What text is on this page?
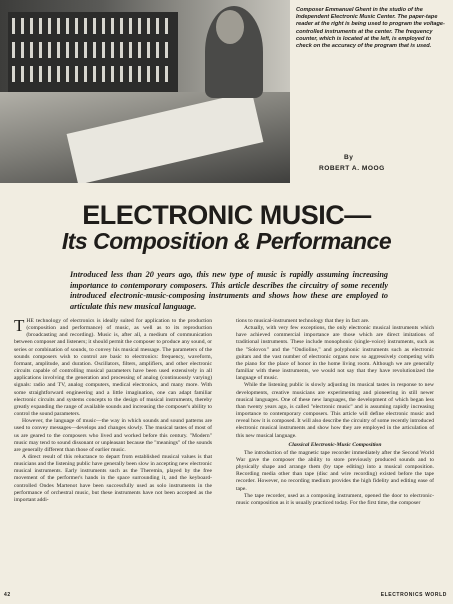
Composer Emmanuel Ghent in the studio of the Independent Electronic Music Center. The paper-tape reader at the right is being used to program the voltage-controlled instruments at the center. The frequency counter, which is located at the left, is employed to check on the accuracy of the program that is used.
By
ROBERT A. MOOG
ELECTRONIC MUSIC—
Its Composition & Performance
Introduced less than 20 years ago, this new type of music is rapidly assuming increasing importance to contemporary composers. This article describes the circuitry of some recently introduced electronic-music-composing instruments and shows how these are employed to articulate this new musical language.

THE technology of electronics is ideally suited for application to the production (composition and performance) of music, as well as to its reproduction (broadcasting and recording). Music is, after all, a medium of communication between composer and listeners; it should permit the composer to produce any sound, or series or combination of sounds, to convey his musical message. The parameters of the sounds composers wish to control are basic to electronics: frequency, waveform, formant, amplitude, and duration. Oscillators, filters, amplifiers, and other electronic circuits capable of controlling musical parameters have been used extensively in all applications involving the generation and processing of analog (continuously varying) signals: radio and TV, analog computers, medical electronics, and many more. With some straightforward engineering and a little imagination, one can adapt familiar electronic circuits and systems concepts to the design of musical instruments, thereby greatly expanding the range of available sounds and increasing the composer's ability to control the sound parameters.

However, the language of music—the way in which sounds and sound patterns are used to convey messages—develops and changes slowly. The musical tastes of most of us are geared to the composers who lived and worked before this century. "Modern" music may tend to sound dissonant or unpleasant because the "meanings" of the sounds are generally different than those of earlier music.

A direct result of this reluctance to depart from established musical values is that musicians and the listening public have generally been slow in accepting new electronic musical instruments. Early instruments such as the Theremin, played by the free movement of the performer's hands in the space surrounding it, and the keyboard-controlled Ondes Martenot have been successfully used as solo instruments in the performance of orchestral music, but these instruments have not been accepted as the important addi-

tions to musical-instrument technology that they in fact are.

Actually, with very few exceptions, the only electronic musical instruments which have achieved commercial importance are those which are direct imitations of traditional instruments. These include monophonic (single-voice) instruments, such as the "Solovox" and the "Ondioline," and polyphonic instruments such as electronic guitars and the vast number of electronic organs now so aggressively competing with the piano for the place of honor in the home living room. Although we are generally familiar with these instruments, we would not say that they have revolutionized the language of music.

While the listening public is slowly adjusting its musical tastes in response to new developments, creative musicians are experimenting and pioneering in still newer musical languages. One of these new languages, the development of which began less than twenty years ago, is called "electronic music" and is assuming rapidly increasing importance to contemporary composers. This article will define electronic music and reveal how it is composed. It will also describe the circuitry of some recently introduced electronic musical instruments and show how they are employed in the articulation of this new musical language.

Classical Electronic-Music Composition

The introduction of the magnetic tape recorder immediately after the Second World War gave the composer the ability to store previously produced sounds and to physically shape and arrange them (by tape editing) into a musical composition. Recording media other than tape (disc and wire recording) existed before the tape recorder. However, no recording medium provides the high fidelity and editing ease of tape.

The tape recorder, used as a composing instrument, opened the door to electronic-music composition as it is usually practiced today. For the first time, the composer

42	ELECTRONICS WORLD
